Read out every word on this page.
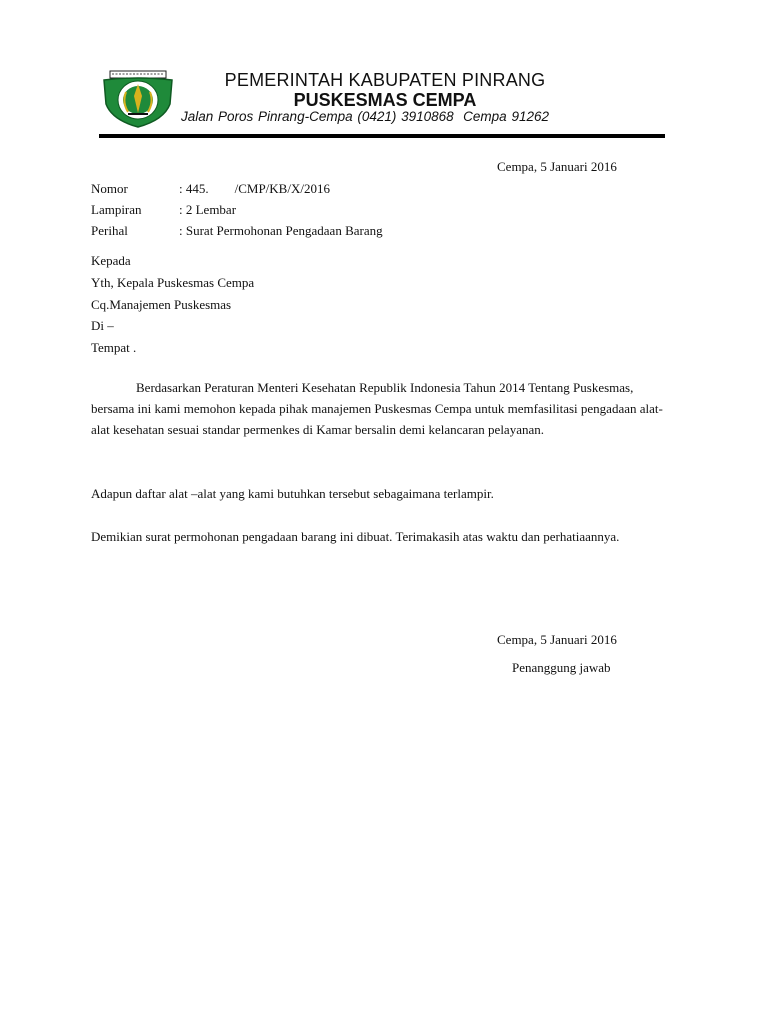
PEMERINTAH KABUPATEN PINRANG
PUSKESMAS CEMPA
Jalan Poros Pinrang-Cempa (0421) 3910868  Cempa 91262
Cempa, 5 Januari 2016
Nomor	: 445.        /CMP/KB/X/2016
Lampiran	: 2 Lembar
Perihal	: Surat Permohonan Pengadaan Barang
Kepada
Yth, Kepala Puskesmas Cempa
Cq.Manajemen Puskesmas
Di –
Tempat .

Berdasarkan Peraturan Menteri Kesehatan Republik Indonesia Tahun 2014 Tentang Puskesmas, bersama ini kami memohon kepada pihak manajemen Puskesmas Cempa untuk memfasilitasi pengadaan alat-alat kesehatan sesuai standar permenkes di Kamar bersalin demi kelancaran pelayanan.

Adapun daftar alat –alat yang kami butuhkan tersebut sebagaimana terlampir.

Demikian surat permohonan pengadaan barang ini dibuat. Terimakasih atas waktu dan perhatiaannya.

Cempa, 5 Januari 2016
Penanggung jawab
